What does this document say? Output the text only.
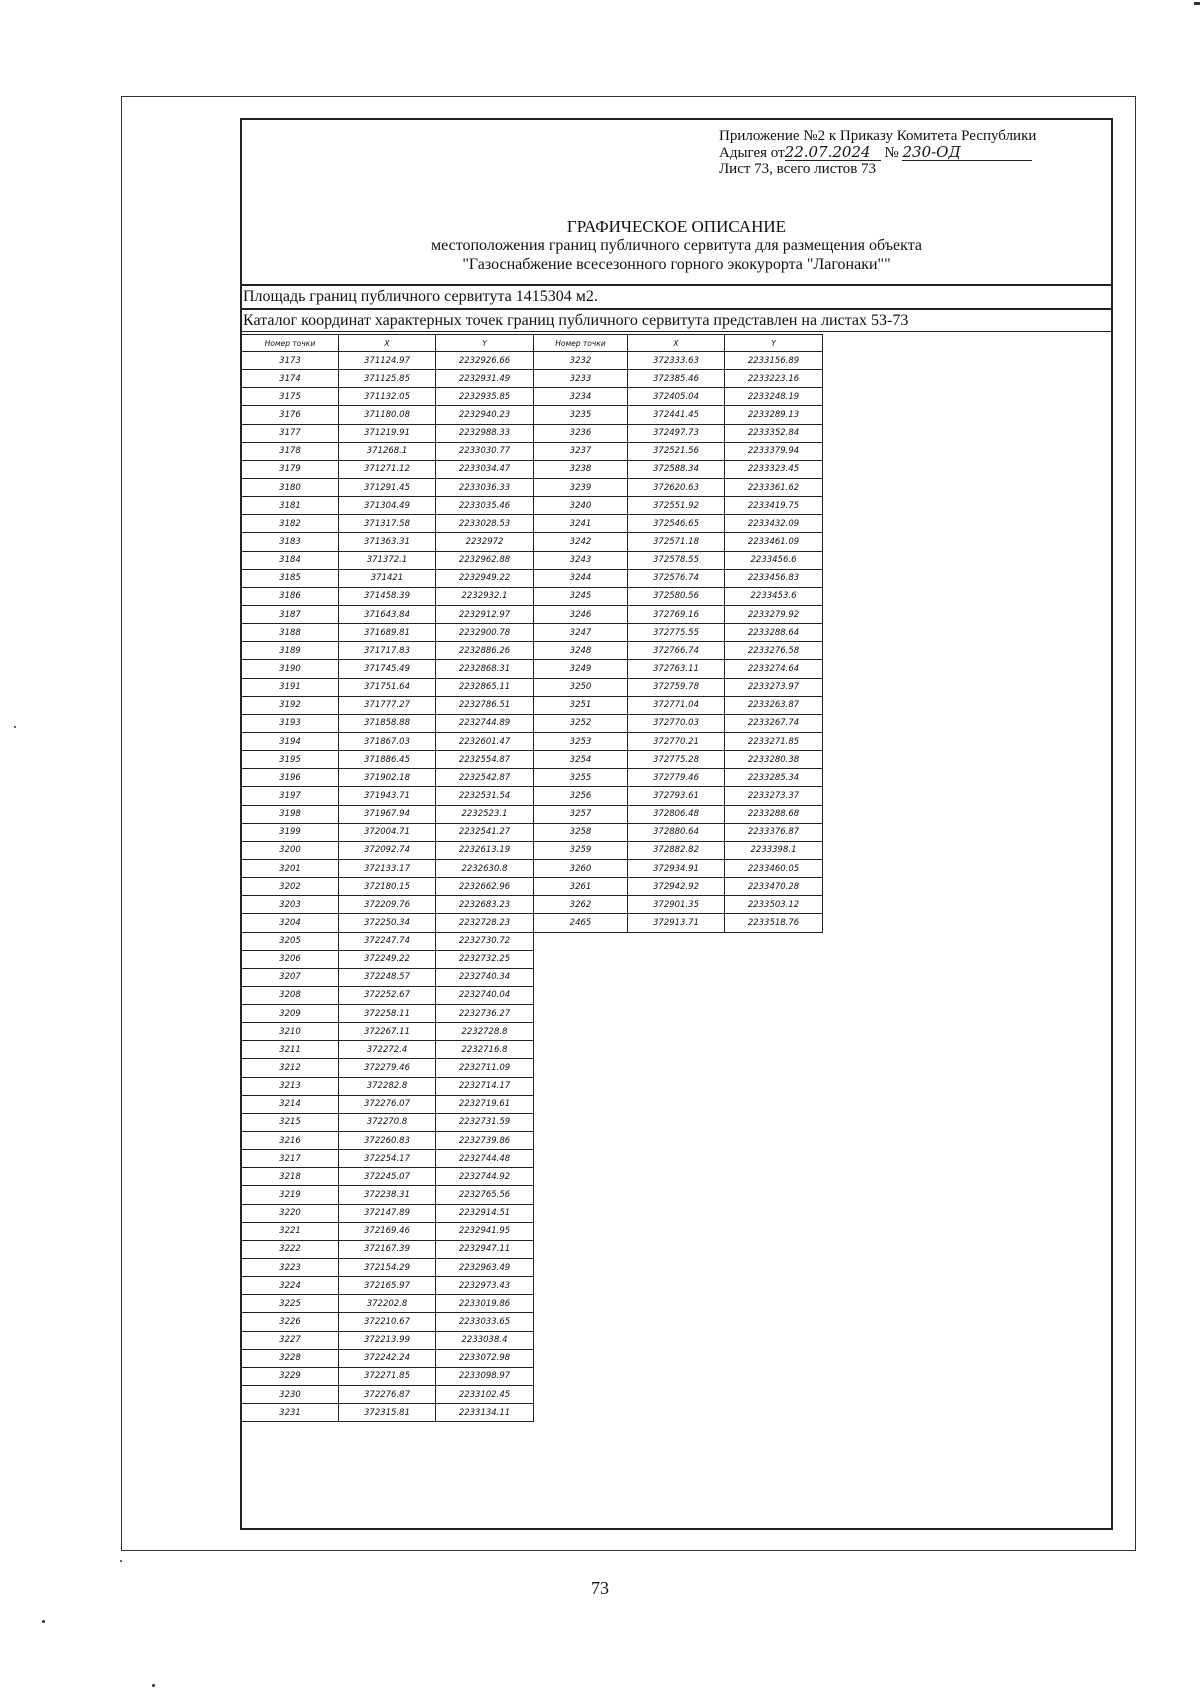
Приложение №2 к Приказу Комитета Республики
Адыгея от22.07.2024 № 230-ОД
Лист 73, всего листов 73
ГРАФИЧЕСКОЕ ОПИСАНИЕ
местоположения границ публичного сервитута для размещения объекта
"Газоснабжение всесезонного горного экокурорта "Лагонаки""
Площадь границ публичного сервитута 1415304 м2.
Каталог координат характерных точек границ публичного сервитута представлен на листах 53-73
Номер точки	X	Y
3173	371124.97	2232926.66
3174	371125.85	2232931.49
3175	371132.05	2232935.85
3176	371180.08	2232940.23
3177	371219.91	2232988.33
3178	371268.1	2233030.77
3179	371271.12	2233034.47
3180	371291.45	2233036.33
3181	371304.49	2233035.46
3182	371317.58	2233028.53
3183	371363.31	2232972
3184	371372.1	2232962.88
3185	371421	2232949.22
3186	371458.39	2232932.1
3187	371643.84	2232912.97
3188	371689.81	2232900.78
3189	371717.83	2232886.26
3190	371745.49	2232868.31
3191	371751.64	2232865.11
3192	371777.27	2232786.51
3193	371858.88	2232744.89
3194	371867.03	2232601.47
3195	371886.45	2232554.87
3196	371902.18	2232542.87
3197	371943.71	2232531.54
3198	371967.94	2232523.1
3199	372004.71	2232541.27
3200	372092.74	2232613.19
3201	372133.17	2232630.8
3202	372180.15	2232662.96
3203	372209.76	2232683.23
3204	372250.34	2232728.23
3205	372247.74	2232730.72
3206	372249.22	2232732.25
3207	372248.57	2232740.34
3208	372252.67	2232740.04
3209	372258.11	2232736.27
3210	372267.11	2232728.8
3211	372272.4	2232716.8
3212	372279.46	2232711.09
3213	372282.8	2232714.17
3214	372276.07	2232719.61
3215	372270.8	2232731.59
3216	372260.83	2232739.86
3217	372254.17	2232744.48
3218	372245.07	2232744.92
3219	372238.31	2232765.56
3220	372147.89	2232914.51
3221	372169.46	2232941.95
3222	372167.39	2232947.11
3223	372154.29	2232963.49
3224	372165.97	2232973.43
3225	372202.8	2233019.86
3226	372210.67	2233033.65
3227	372213.99	2233038.4
3228	372242.24	2233072.98
3229	372271.85	2233098.97
3230	372276.87	2233102.45
3231	372315.81	2233134.11
Номер точки	X	Y
3232	372333.63	2233156.89
3233	372385.46	2233223.16
3234	372405.04	2233248.19
3235	372441.45	2233289.13
3236	372497.73	2233352.84
3237	372521.56	2233379.94
3238	372588.34	2233323.45
3239	372620.63	2233361.62
3240	372551.92	2233419.75
3241	372546.65	2233432.09
3242	372571.18	2233461.09
3243	372578.55	2233456.6
3244	372576.74	2233456.83
3245	372580.56	2233453.6
3246	372769.16	2233279.92
3247	372775.55	2233288.64
3248	372766.74	2233276.58
3249	372763.11	2233274.64
3250	372759.78	2233273.97
3251	372771.04	2233263.87
3252	372770.03	2233267.74
3253	372770.21	2233271.85
3254	372775.28	2233280.38
3255	372779.46	2233285.34
3256	372793.61	2233273.37
3257	372806.48	2233288.68
3258	372880.64	2233376.87
3259	372882.82	2233398.1
3260	372934.91	2233460.05
3261	372942.92	2233470.28
3262	372901.35	2233503.12
2465	372913.71	2233518.76
73
